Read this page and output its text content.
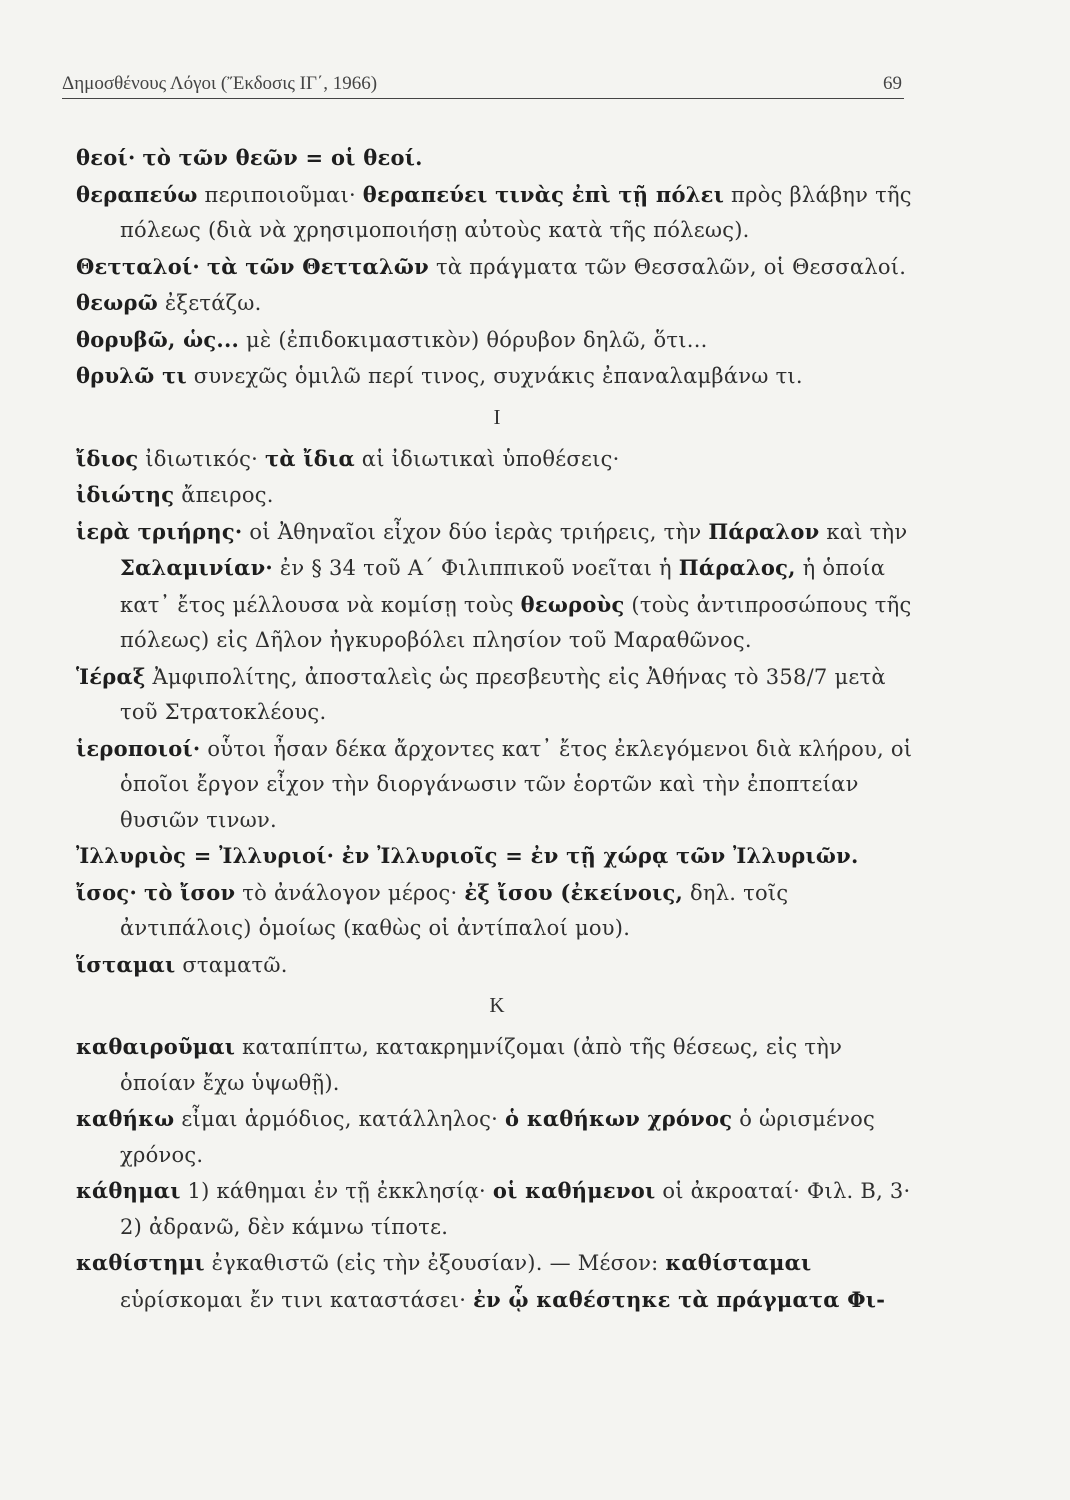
Δημοσθένους Λόγοι (Ἔκδοσις ΙΓ΄, 1966)	69
θεοί· τὸ τῶν θεῶν = οἱ θεοί.
θεραπεύω περιποιοῦμαι· θεραπεύει τινὰς ἐπὶ τῇ πόλει πρὸς βλάβην τῆς πόλεως (διὰ νὰ χρησιμοποιήσῃ αὐτοὺς κατὰ τῆς πόλεως).
Θετταλοί· τὰ τῶν Θετταλῶν τὰ πράγματα τῶν Θεσσαλῶν, οἱ Θεσσαλοί.
θεωρῶ ἐξετάζω.
θορυβῶ, ὡς... μὲ (ἐπιδοκιμαστικὸν) θόρυβον δηλῶ, ὅτι...
θρυλῶ τι συνεχῶς ὁμιλῶ περί τινος, συχνάκις ἐπαναλαμβάνω τι.
Ι
ἴδιος ἰδιωτικός· τὰ ἴδια αἱ ἰδιωτικαὶ ὑποθέσεις·
ἰδιώτης ἄπειρος.
ἱερὰ τριήρης· οἱ Ἀθηναῖοι εἶχον δύο ἱερὰς τριήρεις, τὴν Πάραλον καὶ τὴν Σαλαμινίαν· ἐν § 34 τοῦ Α΄ Φιλιππικοῦ νοεῖται ἡ Πάραλος, ἡ ὁποία κατ᾽ ἔτος μέλλουσα νὰ κομίσῃ τοὺς θεωροὺς (τοὺς ἀντιπροσώπους τῆς πόλεως) εἰς Δῆλον ἠγκυροβόλει πλησίον τοῦ Μαραθῶνος.
Ἱέραξ Ἀμφιπολίτης, ἀποσταλεὶς ὡς πρεσβευτὴς εἰς Ἀθήνας τὸ 358/7 μετὰ τοῦ Στρατοκλέους.
ἱεροποιοί· οὗτοι ἦσαν δέκα ἄρχοντες κατ᾽ ἔτος ἐκλεγόμενοι διὰ κλήρου, οἱ ὁποῖοι ἔργον εἶχον τὴν διοργάνωσιν τῶν ἑορτῶν καὶ τὴν ἐποπτείαν θυσιῶν τινων.
Ἰλλυριὸς = Ἰλλυριοί· ἐν Ἰλλυριοῖς = ἐν τῇ χώρᾳ τῶν Ἰλλυριῶν.
ἴσος· τὸ ἴσον τὸ ἀνάλογον μέρος· ἐξ ἴσου (ἐκείνοις, δηλ. τοῖς ἀντιπάλοις) ὁμοίως (καθὼς οἱ ἀντίπαλοί μου).
ἵσταμαι σταματῶ.
Κ
καθαιροῦμαι καταπίπτω, κατακρημνίζομαι (ἀπὸ τῆς θέσεως, εἰς τὴν ὁποίαν ἔχω ὑψωθῇ).
καθήκω εἶμαι ἁρμόδιος, κατάλληλος· ὁ καθήκων χρόνος ὁ ὡρισμένος χρόνος.
κάθημαι 1) κάθημαι ἐν τῇ ἐκκλησίᾳ· οἱ καθήμενοι οἱ ἀκροαταί· Φιλ. Β, 3· 2) ἀδρανῶ, δὲν κάμνω τίποτε.
καθίστημι ἐγκαθιστῶ (εἰς τὴν ἐξουσίαν). — Μέσον: καθίσταμαι εὑρίσκομαι ἔν τινι καταστάσει· ἐν ᾧ καθέστηκε τὰ πράγματα Φι-
